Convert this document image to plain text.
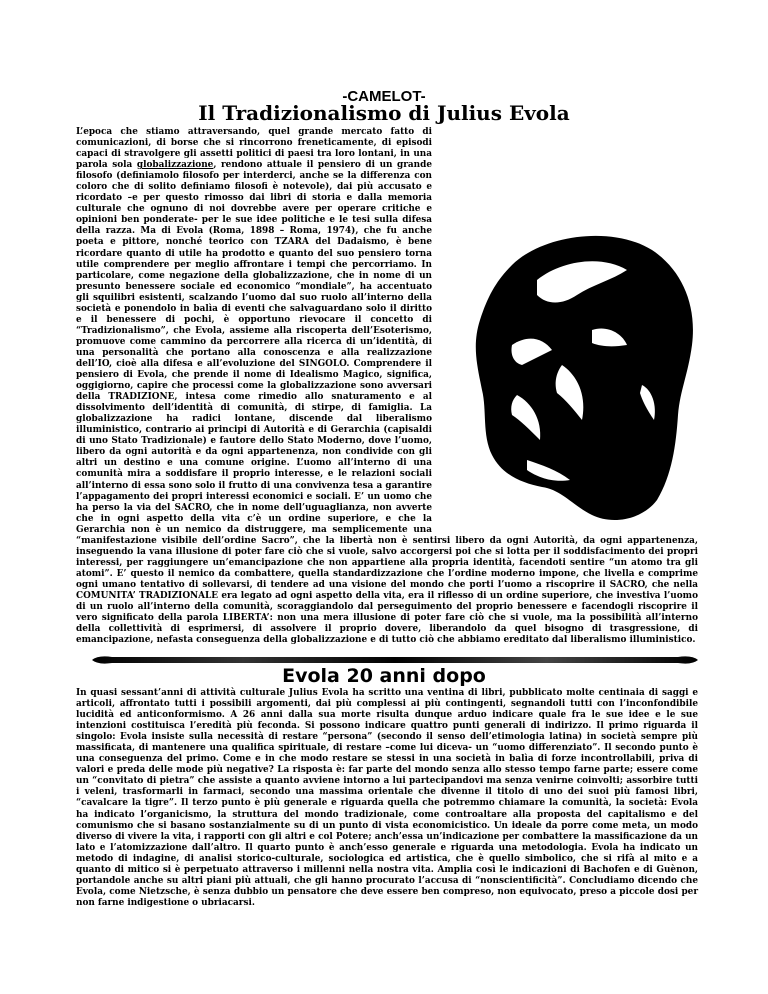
-CAMELOT-
Il Tradizionalismo di Julius Evola

L’epoca che stiamo attraversando, quel grande mercato fatto di comunicazioni, di borse che si rincorrono freneticamente, di episodi capaci di stravolgere gli assetti politici di paesi tra loro lontani, in una parola sola globalizzazione, rendono attuale il pensiero di un grande filosofo (definiamolo filosofo per interderci, anche se la differenza con coloro che di solito definiamo filosofi è notevole), dai più accusato e ricordato –e per questo rimosso dai libri di storia e dalla memoria culturale che ognuno di noi dovrebbe avere per operare critiche e opinioni ben ponderate- per le sue idee politiche e le tesi sulla difesa della razza. Ma di Evola (Roma, 1898 – Roma, 1974), che fu anche poeta e pittore, nonché teorico con TZARA del Dadaismo, è bene ricordare quanto di utile ha prodotto e quanto del suo pensiero torna utile comprendere per meglio affrontare i tempi che percorriamo. In particolare, come negazione della globalizzazione, che in nome di un presunto benessere sociale ed economico “mondiale”, ha accentuato gli squilibri esistenti, scalzando l’uomo dal suo ruolo all’interno della società e ponendolo in balìa di eventi che salvaguardano solo il diritto e il benessere di pochi, è opportuno rievocare il concetto di “Tradizionalismo”, che Evola, assieme alla riscoperta dell’Esoterismo, promuove come cammino da percorrere alla ricerca di un’identità, di una personalità che portano alla conoscenza e alla realizzazione dell’IO, cioè alla difesa e all’evoluzione del SINGOLO. Comprendere il pensiero di Evola, che prende il nome di Idealismo Magico, significa, oggigiorno, capire che processi come la globalizzazione sono avversari della TRADIZIONE, intesa come rimedio allo snaturamento e al dissolvimento dell’identità di comunità, di stirpe, di famiglia. La globalizzazione ha radici lontane, discende dal liberalismo illuministico, contrario ai principi di Autorità e di Gerarchia (capisaldi di uno Stato Tradizionale) e fautore dello Stato Moderno, dove l’uomo, libero da ogni autorità e da ogni appartenenza, non condivide con gli altri un destino e una comune origine. L’uomo all’interno di una comunità mira a soddisfare il proprio interesse, e le relazioni sociali all’interno di essa sono solo il frutto di una convivenza tesa a garantire l’appagamento dei propri interessi economici e sociali. E’ un uomo che ha perso la via del SACRO, che in nome dell’uguaglianza, non avverte che in ogni aspetto della vita c’è un ordine superiore, e che la Gerarchia non è un nemico da distruggere, ma semplicemente una “manifestazione visibile dell’ordine Sacro”, che la libertà non è sentirsi libero da ogni Autorità, da ogni appartenenza, inseguendo la vana illusione di poter fare ciò che si vuole, salvo accorgersi poi che si lotta per il soddisfacimento dei propri interessi, per raggiungere un’emancipazione che non appartiene alla propria identità, facendoti sentire “un atomo tra gli atomi”. E’ questo il nemico da combattere, quella standardizzazione che l’ordine moderno impone, che livella e comprime ogni umano tentativo di sollevarsi, di tendere ad una visione del mondo che porti l’uomo a riscoprire il SACRO, che nella COMUNITA’ TRADIZIONALE era legato ad ogni aspetto della vita, era il riflesso di un ordine superiore, che investiva l’uomo di un ruolo all’interno della comunità, scoraggiandolo dal perseguimento del proprio benessere e facendogli riscoprire il vero significato della parola LIBERTA’: non una mera illusione di poter fare ciò che si vuole, ma la possibilità all’interno della collettività di esprimersi, di assolvere il proprio dovere, liberandolo da quel bisogno di trasgressione, di emancipazione, nefasta conseguenza della globalizzazione e di tutto ciò che abbiamo ereditato dal liberalismo illuministico.

Evola 20 anni dopo

In quasi sessant’anni di attività culturale Julius Evola ha scritto una ventina di libri, pubblicato molte centinaia di saggi e articoli, affrontato tutti i possibili argomenti, dai più complessi ai più contingenti, segnandoli tutti con l’inconfondibile lucidità ed anticonformismo. A 26 anni dalla sua morte risulta dunque arduo indicare quale fra le sue idee e le sue intenzioni costituisca l’eredità più feconda. Si possono indicare quattro punti generali di indirizzo. Il primo riguarda il singolo: Evola insiste sulla necessità di restare “persona” (secondo il senso dell’etimologia latina) in società sempre più massificata, di mantenere una qualifica spirituale, di restare –come lui diceva- un “uomo differenziato”. Il secondo punto è una conseguenza del primo. Come e in che modo restare se stessi in una società in balìa di forze incontrollabili, priva di valori e preda delle mode più negative? La risposta è: far parte del mondo senza allo stesso tempo farne parte; essere come un “convitato di pietra” che assiste a quanto avviene intorno a lui partecipandovi ma senza venirne coinvolti; assorbire tutti i veleni, trasformarli in farmaci, secondo una massima orientale che divenne il titolo di uno dei suoi più famosi libri, “cavalcare la tigre”. Il terzo punto è più generale e riguarda quella che potremmo chiamare la comunità, la società: Evola ha indicato l’organicismo, la struttura del mondo tradizionale, come controaltare alla proposta del capitalismo e del comunismo che si basano sostanzialmente su di un punto di vista economicistico. Un ideale da porre come meta, un modo diverso di vivere la vita, i rapporti con gli altri e col Potere; anch’essa un’indicazione per combattere la massificazione da un lato e l’atomizzazione dall’altro. Il quarto punto è anch’esso generale e riguarda una metodologia. Evola ha indicato un metodo di indagine, di analisi storico-culturale, sociologica ed artistica, che è quello simbolico, che si rifà al mito e a quanto di mitico si è perpetuato attraverso i millenni nella nostra vita. Amplia così le indicazioni di Bachofen e di Guènon, portandole anche su altri piani più attuali, che gli hanno procurato l’accusa di “nonscientificità”. Concludiamo dicendo che Evola, come Nietzsche, è senza dubbio un pensatore che deve essere ben compreso, non equivocato, preso a piccole dosi per non farne indigestione o ubriacarsi.
